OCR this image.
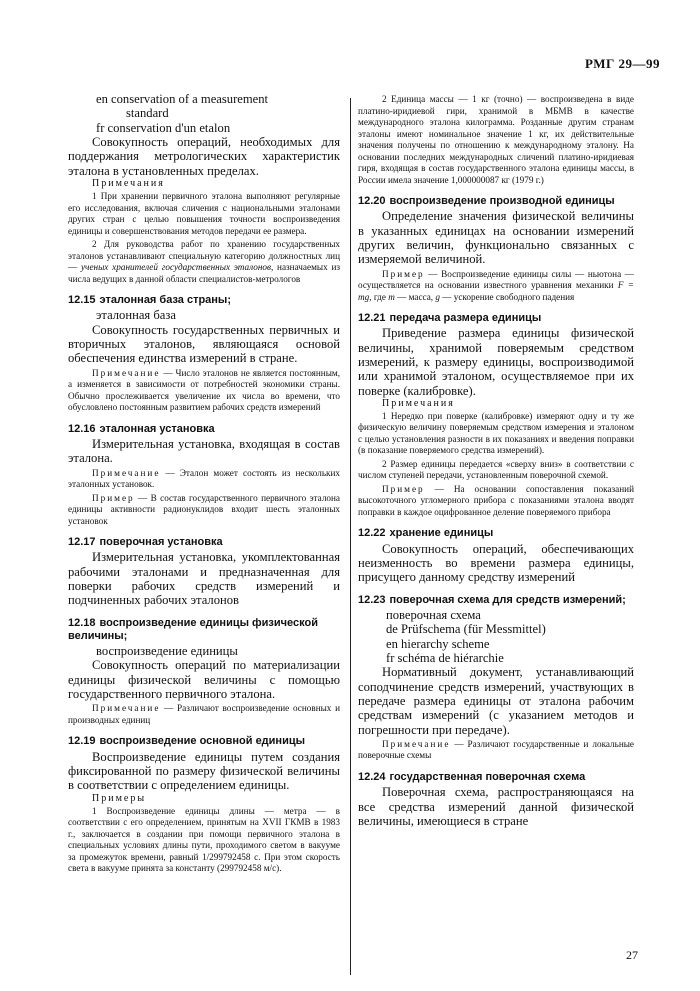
РМГ 29—99
en conservation of a measurement
standard
fr conservation d'un etalon

Совокупность операций, необходимых для поддержания метрологических характеристик эталона в установленных пределах.

Примечания

1 При хранении первичного эталона выполняют регулярные его исследования, включая сличения с национальными эталонами других стран с целью повышения точности воспроизведения единицы и совершенствования методов передачи ее размера.

2 Для руководства работ по хранению государственных эталонов устанавливают специальную категорию должностных лиц — ученых хранителей государственных эталонов, назначаемых из числа ведущих в данной области специалистов-метрологов

12.15 эталонная база страны;
эталонная база

Совокупность государственных первичных и вторичных эталонов, являющаяся основой обеспечения единства измерений в стране.

Примечание — Число эталонов не является постоянным, а изменяется в зависимости от потребностей экономики страны. Обычно прослеживается увеличение их числа во времени, что обусловлено постоянным развитием рабочих средств измерений

12.16 эталонная установка

Измерительная установка, входящая в состав эталона.

Примечание — Эталон может состоять из нескольких эталонных установок.

Пример — В состав государственного первичного эталона единицы активности радионуклидов входит шесть эталонных установок

12.17 поверочная установка

Измерительная установка, укомплектованная рабочими эталонами и предназначенная для поверки рабочих средств измерений и подчиненных рабочих эталонов

12.18 воспроизведение единицы физической величины;
воспроизведение единицы

Совокупность операций по материализации единицы физической величины с помощью государственного первичного эталона.

Примечание — Различают воспроизведение основных и производных единиц

12.19 воспроизведение основной единицы

Воспроизведение единицы путем создания фиксированной по размеру физической величины в соответствии с определением единицы.

Примеры

1 Воспроизведение единицы длины — метра — в соответствии с его определением, принятым на XVII ГКМВ в 1983 г., заключается в создании при помощи первичного эталона в специальных условиях длины пути, проходимого светом в вакууме за промежуток времени, равный 1/299792458 с. При этом скорость света в вакууме принята за константу (299792458 м/с).

2 Единица массы — 1 кг (точно) — воспроизведена в виде платино-иридиевой гири, хранимой в МБМВ в качестве международного эталона килограмма. Розданные другим странам эталоны имеют номинальное значение 1 кг, их действительные значения получены по отношению к международному эталону. На основании последних международных сличений платино-иридиевая гиря, входящая в состав государственного эталона единицы массы, в России имела значение 1,000000087 кг (1979 г.)

12.20 воспроизведение производной единицы

Определение значения физической величины в указанных единицах на основании измерений других величин, функционально связанных с измеряемой величиной.

Пример — Воспроизведение единицы силы — ньютона — осуществляется на основании известного уравнения механики F = mg, где m — масса, g — ускорение свободного падения

12.21 передача размера единицы

Приведение размера единицы физической величины, хранимой поверяемым средством измерений, к размеру единицы, воспроизводимой или хранимой эталоном, осуществляемое при их поверке (калибровке).

Примечания

1 Нередко при поверке (калибровке) измеряют одну и ту же физическую величину поверяемым средством измерения и эталоном с целью установления разности в их показаниях и введения поправки (в показание поверяемого средства измерений).

2 Размер единицы передается «сверху вниз» в соответствии с числом ступеней передачи, установленным поверочной схемой.

Пример — На основании сопоставления показаний высокоточного угломерного прибора с показаниями эталона вводят поправки в каждое оцифрованное деление поверяемого прибора

12.22 хранение единицы

Совокупность операций, обеспечивающих неизменность во времени размера единицы, присущего данному средству измерений

12.23 поверочная схема для средств измерений;
поверочная схема
de Prüfschema (für Messmittel)
en hierarchy scheme
fr schéma de hiérarchie

Нормативный документ, устанавливающий соподчинение средств измерений, участвующих в передаче размера единицы от эталона рабочим средствам измерений (с указанием методов и погрешности при передаче).

Примечание — Различают государственные и локальные поверочные схемы

12.24 государственная поверочная схема

Поверочная схема, распространяющаяся на все средства измерений данной физической величины, имеющиеся в стране

27
